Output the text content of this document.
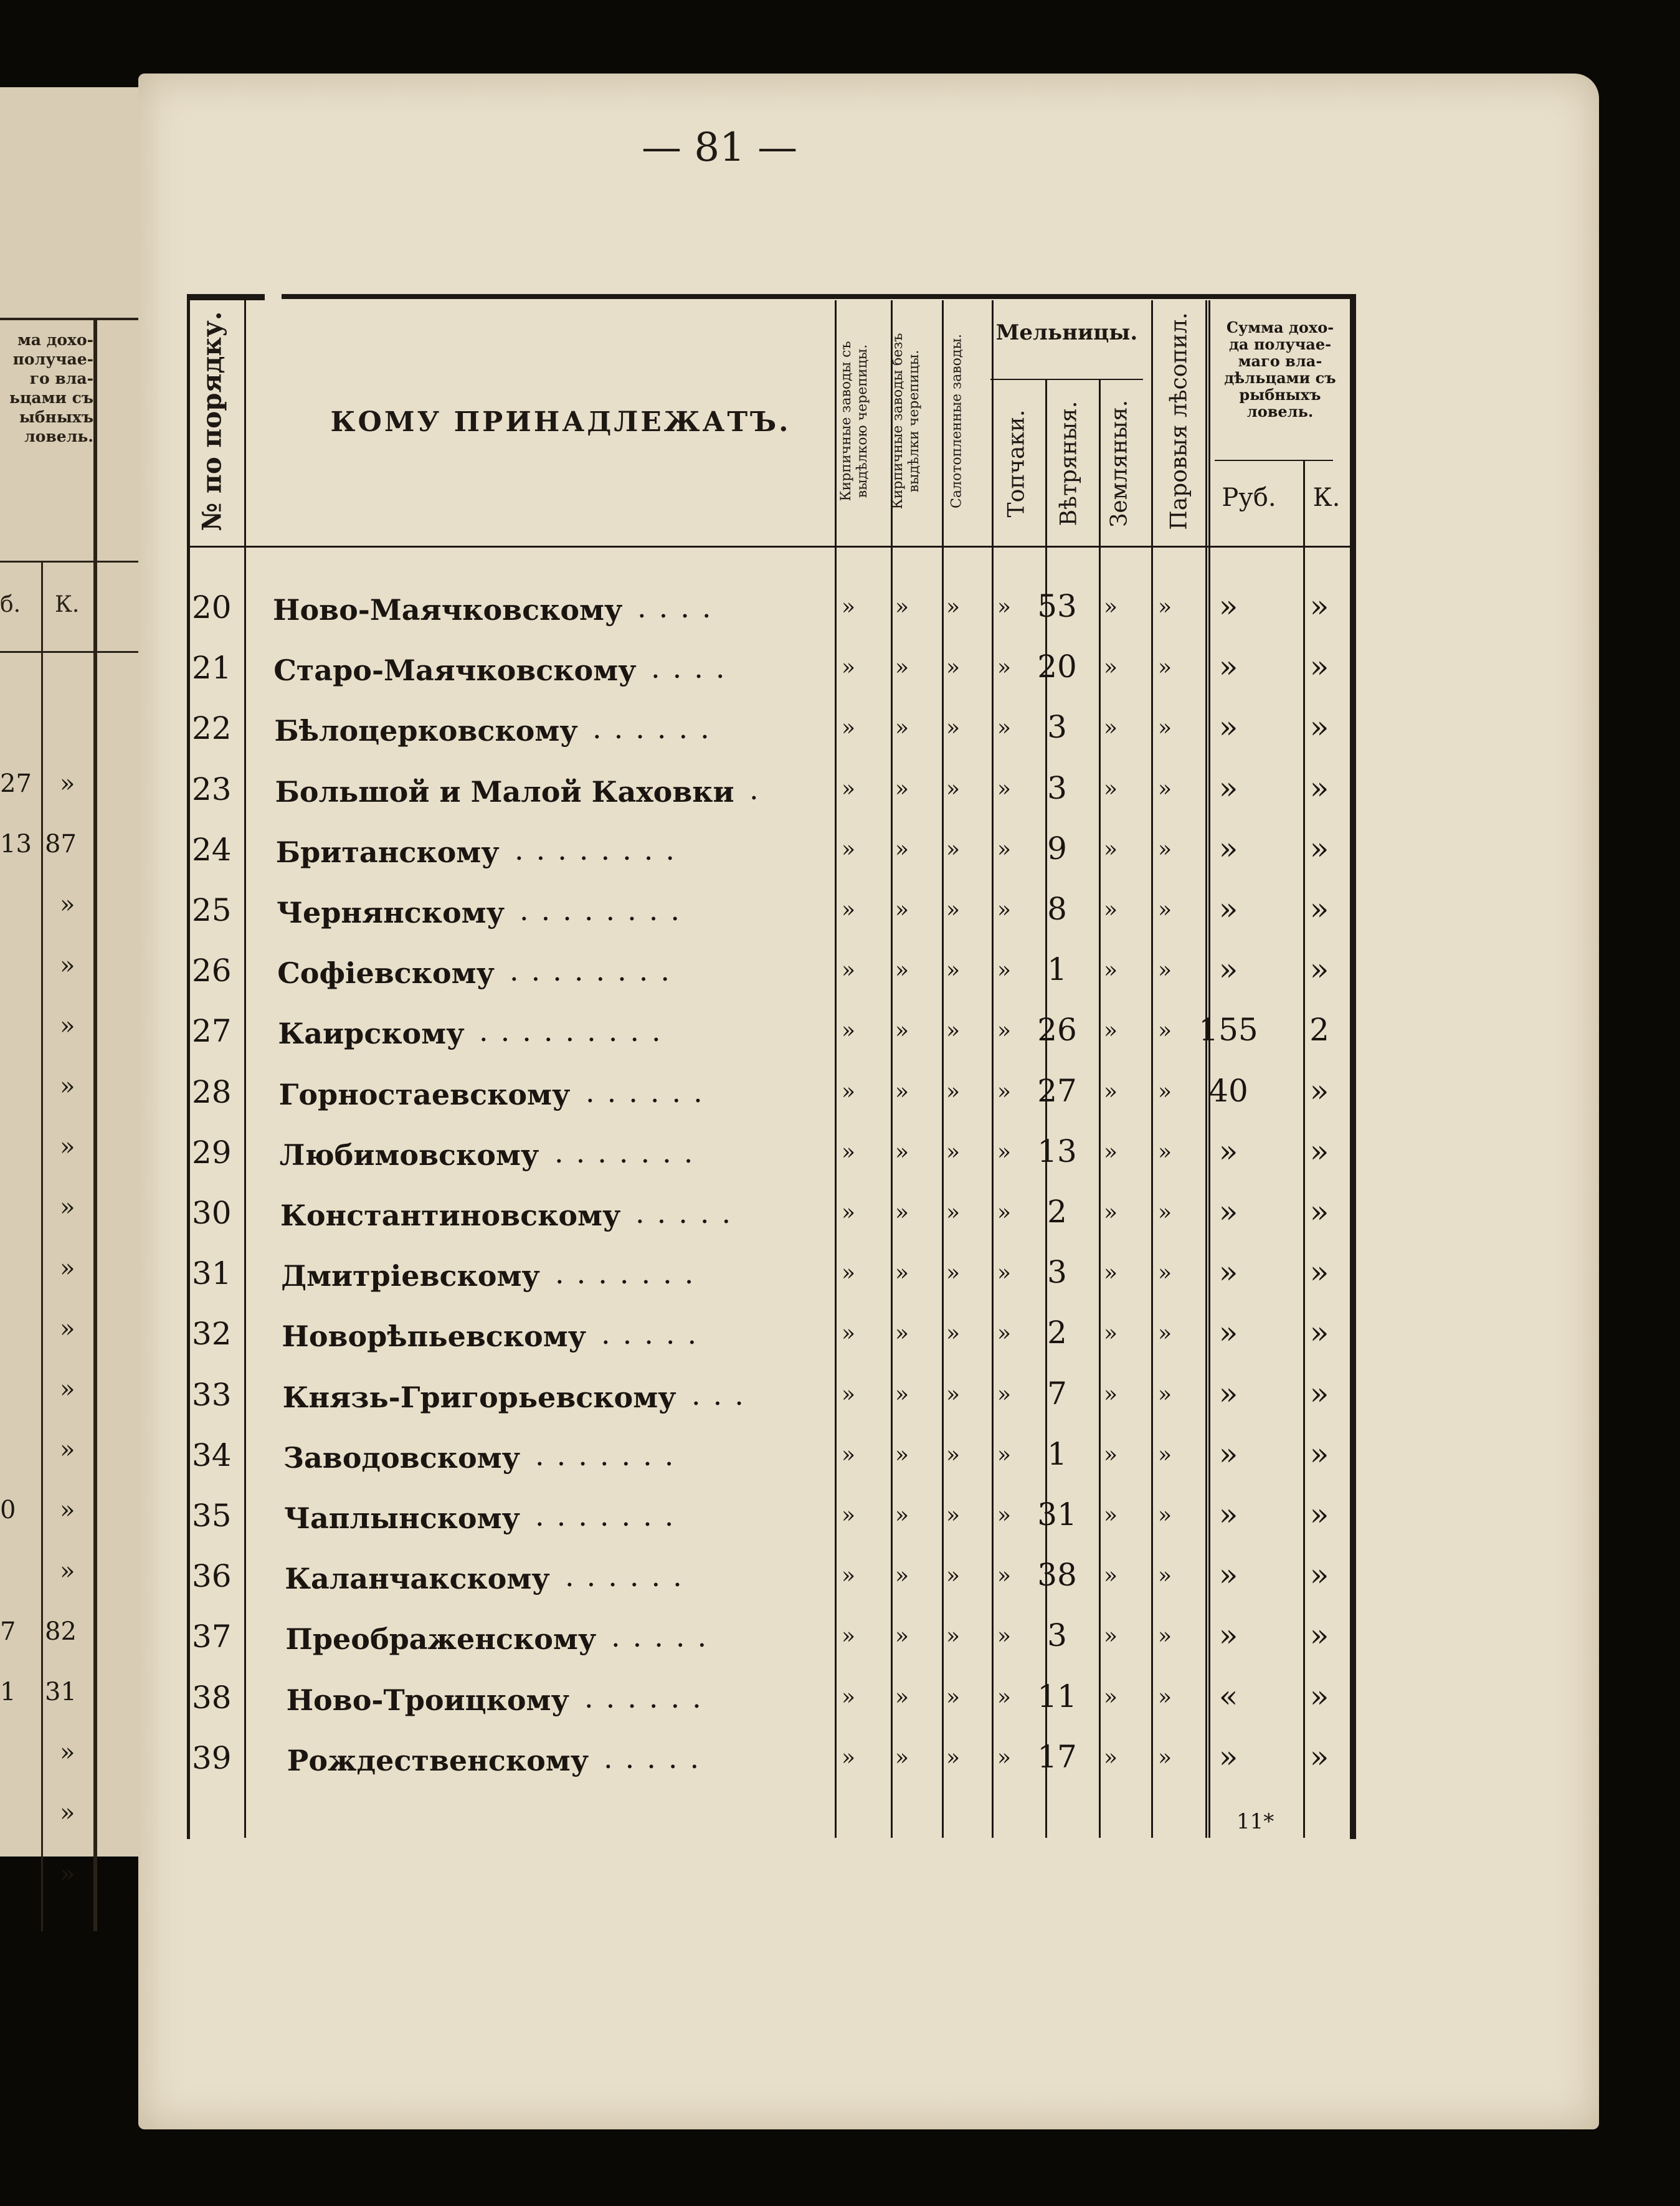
ма дохо-
получае-
го вла-
ьцами съ
ыбныхъ
ловель.
б. К.
27 »
13 87
»
»
»
»
»
»
»
»
»
»
0 »
»
7 82
1 31
»
»
»
— 81 —
№ по порядку.	КОМУ ПРИНАДЛЕЖАТЪ.	Кирпичные заводы съ выдѣлкою черепицы. Кирпичные заводы безъ выдѣлки черепицы. Салотопленные заводы.
Мельницы.
Топчаки. Вѣтряныя. Земляныя. Паровыя лѣсопил.	Сумма дохо-
да получае-
маго вла-
дѣльцами съ
рыбныхъ
ловель.
Руб.	К.
20 Ново-Маячковскому	»	»	»	» 53	»	»	»	»
....
21 Старо-Маячковскому	»	»	»	» 20	»	»	»	»
....
22 Бѣлоцерковскому	»	»	»	»	3	»	»	»	»
......
23 Большой и Малой Каховки	»	»	»	»	3	»	»	»	»
.
24 Британскому	»	»	»	»	9	»	»	»	»
........
25 Чернянскому	»	»	»	»	8	»	»	»	»
........
26 Софіевскому	»	»	»	»	1	»	»	»	»
........
27 Каирскому	»	»	»	» 26	»	» 155 2
.........
28 Горностаевскому	»	»	»	» 27	»	»	40	»
......
29 Любимовскому	»	»	»	» 13	»	»	»	»
.......
30 Константиновскому	»	»	»	»	2	»	»	»	»
.....
31 Дмитріевскому	»	»	»	»	3	»	»	»	»
.......
32 Новорѣпьевскому	»	»	»	»	2	»	»	»	»
.....
33 Князь-Григорьевскому	»	»	»	»	7	»	»	»	»
...
34 Заводовскому	»	»	»	»	1	»	»	»	»
.......
35 Чаплынскому	»	»	»	» 31	»	»	»	»
.......
36 Каланчакскому	»	»	»	» 38	»	»	»	»
......
37 Преображенскому	»	»	»	»	3	»	»	»	»
.....
38 Ново-Троицкому	»	»	»	» 11	»	»	«	»
......
39 Рождественскому	»	»	»	» 17	»	»	»	»
.....
11*
